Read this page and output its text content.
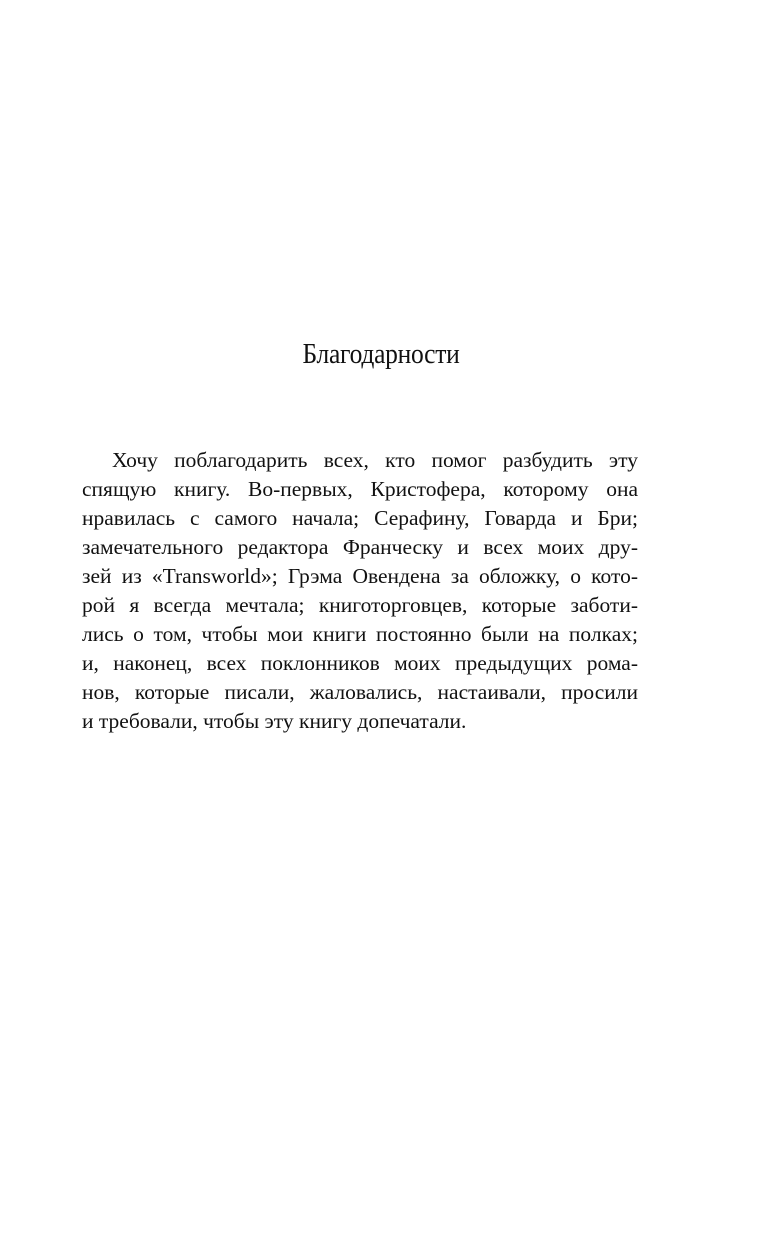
Благодарности
Хочу поблагодарить всех, кто помог разбудить эту
спящую книгу. Во-первых, Кристофера, которому она
нравилась с самого начала; Серафину, Говарда и Бри;
замечательного редактора Франческу и всех моих дру-
зей из «Transworld»; Грэма Овендена за обложку, о кото-
рой я всегда мечтала; книготорговцев, которые заботи-
лись о том, чтобы мои книги постоянно были на полках;
и, наконец, всех поклонников моих предыдущих рома-
нов, которые писали, жаловались, настаивали, просили
и требовали, чтобы эту книгу допечатали.
